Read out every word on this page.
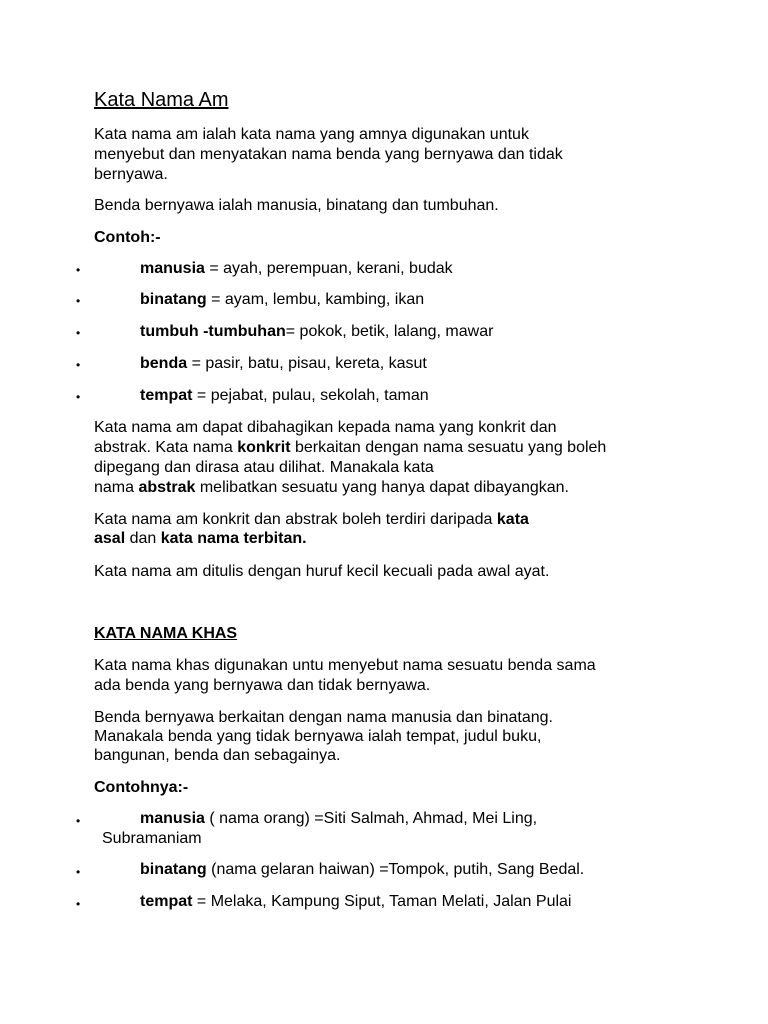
Kata Nama Am
Kata nama am ialah kata nama yang amnya digunakan untuk
menyebut dan menyatakan nama benda yang bernyawa dan tidak
bernyawa.
Benda bernyawa ialah manusia, binatang dan tumbuhan.
Contoh:-
•	manusia = ayah, perempuan, kerani, budak
•	binatang = ayam, lembu, kambing, ikan
•	tumbuh -tumbuhan= pokok, betik, lalang, mawar
•	benda = pasir, batu, pisau, kereta, kasut
•	tempat = pejabat, pulau, sekolah, taman
Kata nama am dapat dibahagikan kepada nama yang konkrit dan
abstrak. Kata nama konkrit berkaitan dengan nama sesuatu yang boleh
dipegang dan dirasa atau dilihat. Manakala kata
nama abstrak melibatkan sesuatu yang hanya dapat dibayangkan.
Kata nama am konkrit dan abstrak boleh terdiri daripada kata
asal dan kata nama terbitan.
Kata nama am ditulis dengan huruf kecil kecuali pada awal ayat.
KATA NAMA KHAS
Kata nama khas digunakan untu menyebut nama sesuatu benda sama
ada benda yang bernyawa dan tidak bernyawa.
Benda bernyawa berkaitan dengan nama manusia dan binatang.
Manakala benda yang tidak bernyawa ialah tempat, judul buku,
bangunan, benda dan sebagainya.
Contohnya:-
•	manusia ( nama orang) =Siti Salmah, Ahmad, Mei Ling,
Subramaniam
•	binatang (nama gelaran haiwan) =Tompok, putih, Sang Bedal.
•	tempat = Melaka, Kampung Siput, Taman Melati, Jalan Pulai
